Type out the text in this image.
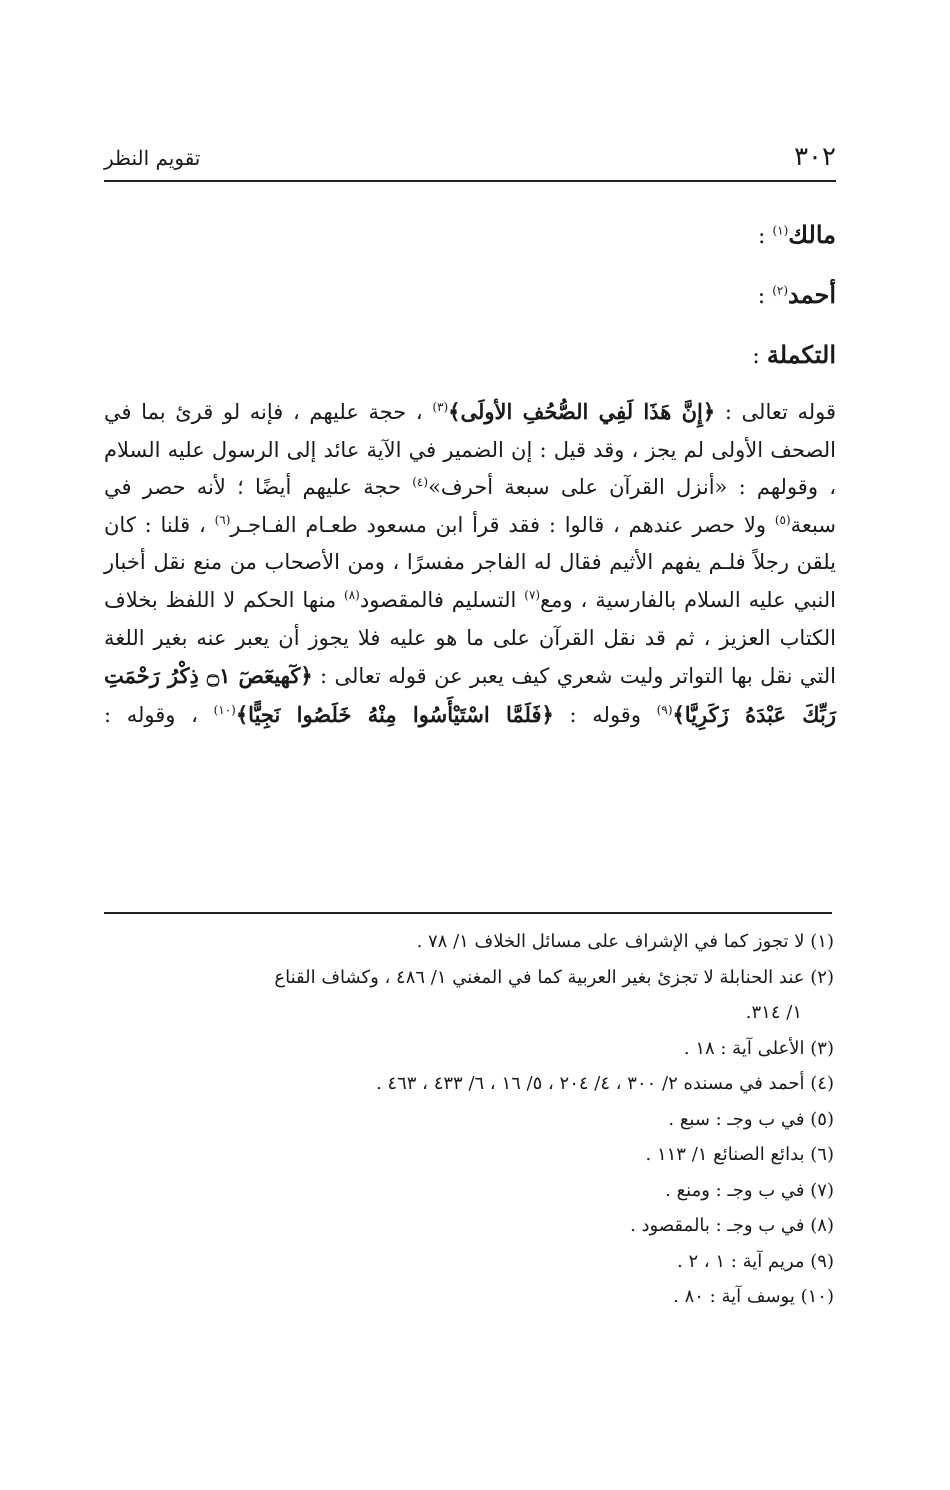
٣٠٢
تقويم النظر

مالك$^{(١)}$ :

أحمد$^{(٢)}$ :

التكملة :

قوله تعالى : ﴿إِنَّ هَذَا لَفِي الصُّحُفِ الأولَى﴾$^{(٣)}$ ، حجة عليهم ، فإنه لو قرئ بما في الصحف الأولى لم يجز ، وقد قيل : إن الضمير في الآية عائد إلى الرسول عليه السلام ، وقولهم : «أنزل القرآن على سبعة أحرف»$^{(٤)}$ حجة عليهم أيضًا ؛ لأنه حصر في سبعة$^{(٥)}$ ولا حصر عندهم ، قالوا : فقد قرأ ابن مسعود طعـام الفـاجـر$^{(٦)}$ ، قلنا : كان يلقن رجلاً فلـم يفهم الأثيم فقال له الفاجر مفسرًا ، ومن الأصحاب من منع نقل أخبار النبي عليه السلام بالفارسية ، ومع$^{(٧)}$ التسليم فالمقصود$^{(٨)}$ منها الحكم لا اللفظ بخلاف الكتاب العزيز ، ثم قد نقل القرآن على ما هو عليه فلا يجوز أن يعبر عنه بغير اللغة التي نقل بها التواتر وليت شعري كيف يعبر عن قوله تعالى : ﴿كٓهيعٓصٓ ۝١ ذِكْرُ رَحْمَتِ رَبِّكَ عَبْدَهُ زَكَرِيَّا﴾$^{(٩)}$ وقوله : ﴿فَلَمَّا اسْتَيْأَسُوا مِنْهُ خَلَصُوا نَجِيًّا﴾$^{(١٠)}$ ، وقوله :

(١) لا تجوز كما في الإشراف على مسائل الخلاف ١/ ٧٨ .

(٢) عند الحنابلة لا تجزئ بغير العربية كما في المغني ١/ ٤٨٦ ، وكشاف القناع

١/ ٣١٤.

(٣) الأعلى آية : ١٨ .

(٤) أحمد في مسنده ٢/ ٣٠٠ ، ٤/ ٢٠٤ ، ٥/ ١٦ ، ٦/ ٤٣٣ ، ٤٦٣ .

(٥) في ب وجـ : سبع .

(٦) بدائع الصنائع ١/ ١١٣ .

(٧) في ب وجـ : ومنع .

(٨) في ب وجـ : بالمقصود .

(٩) مريم آية : ١ ، ٢ .

(١٠) يوسف آية : ٨٠ .
